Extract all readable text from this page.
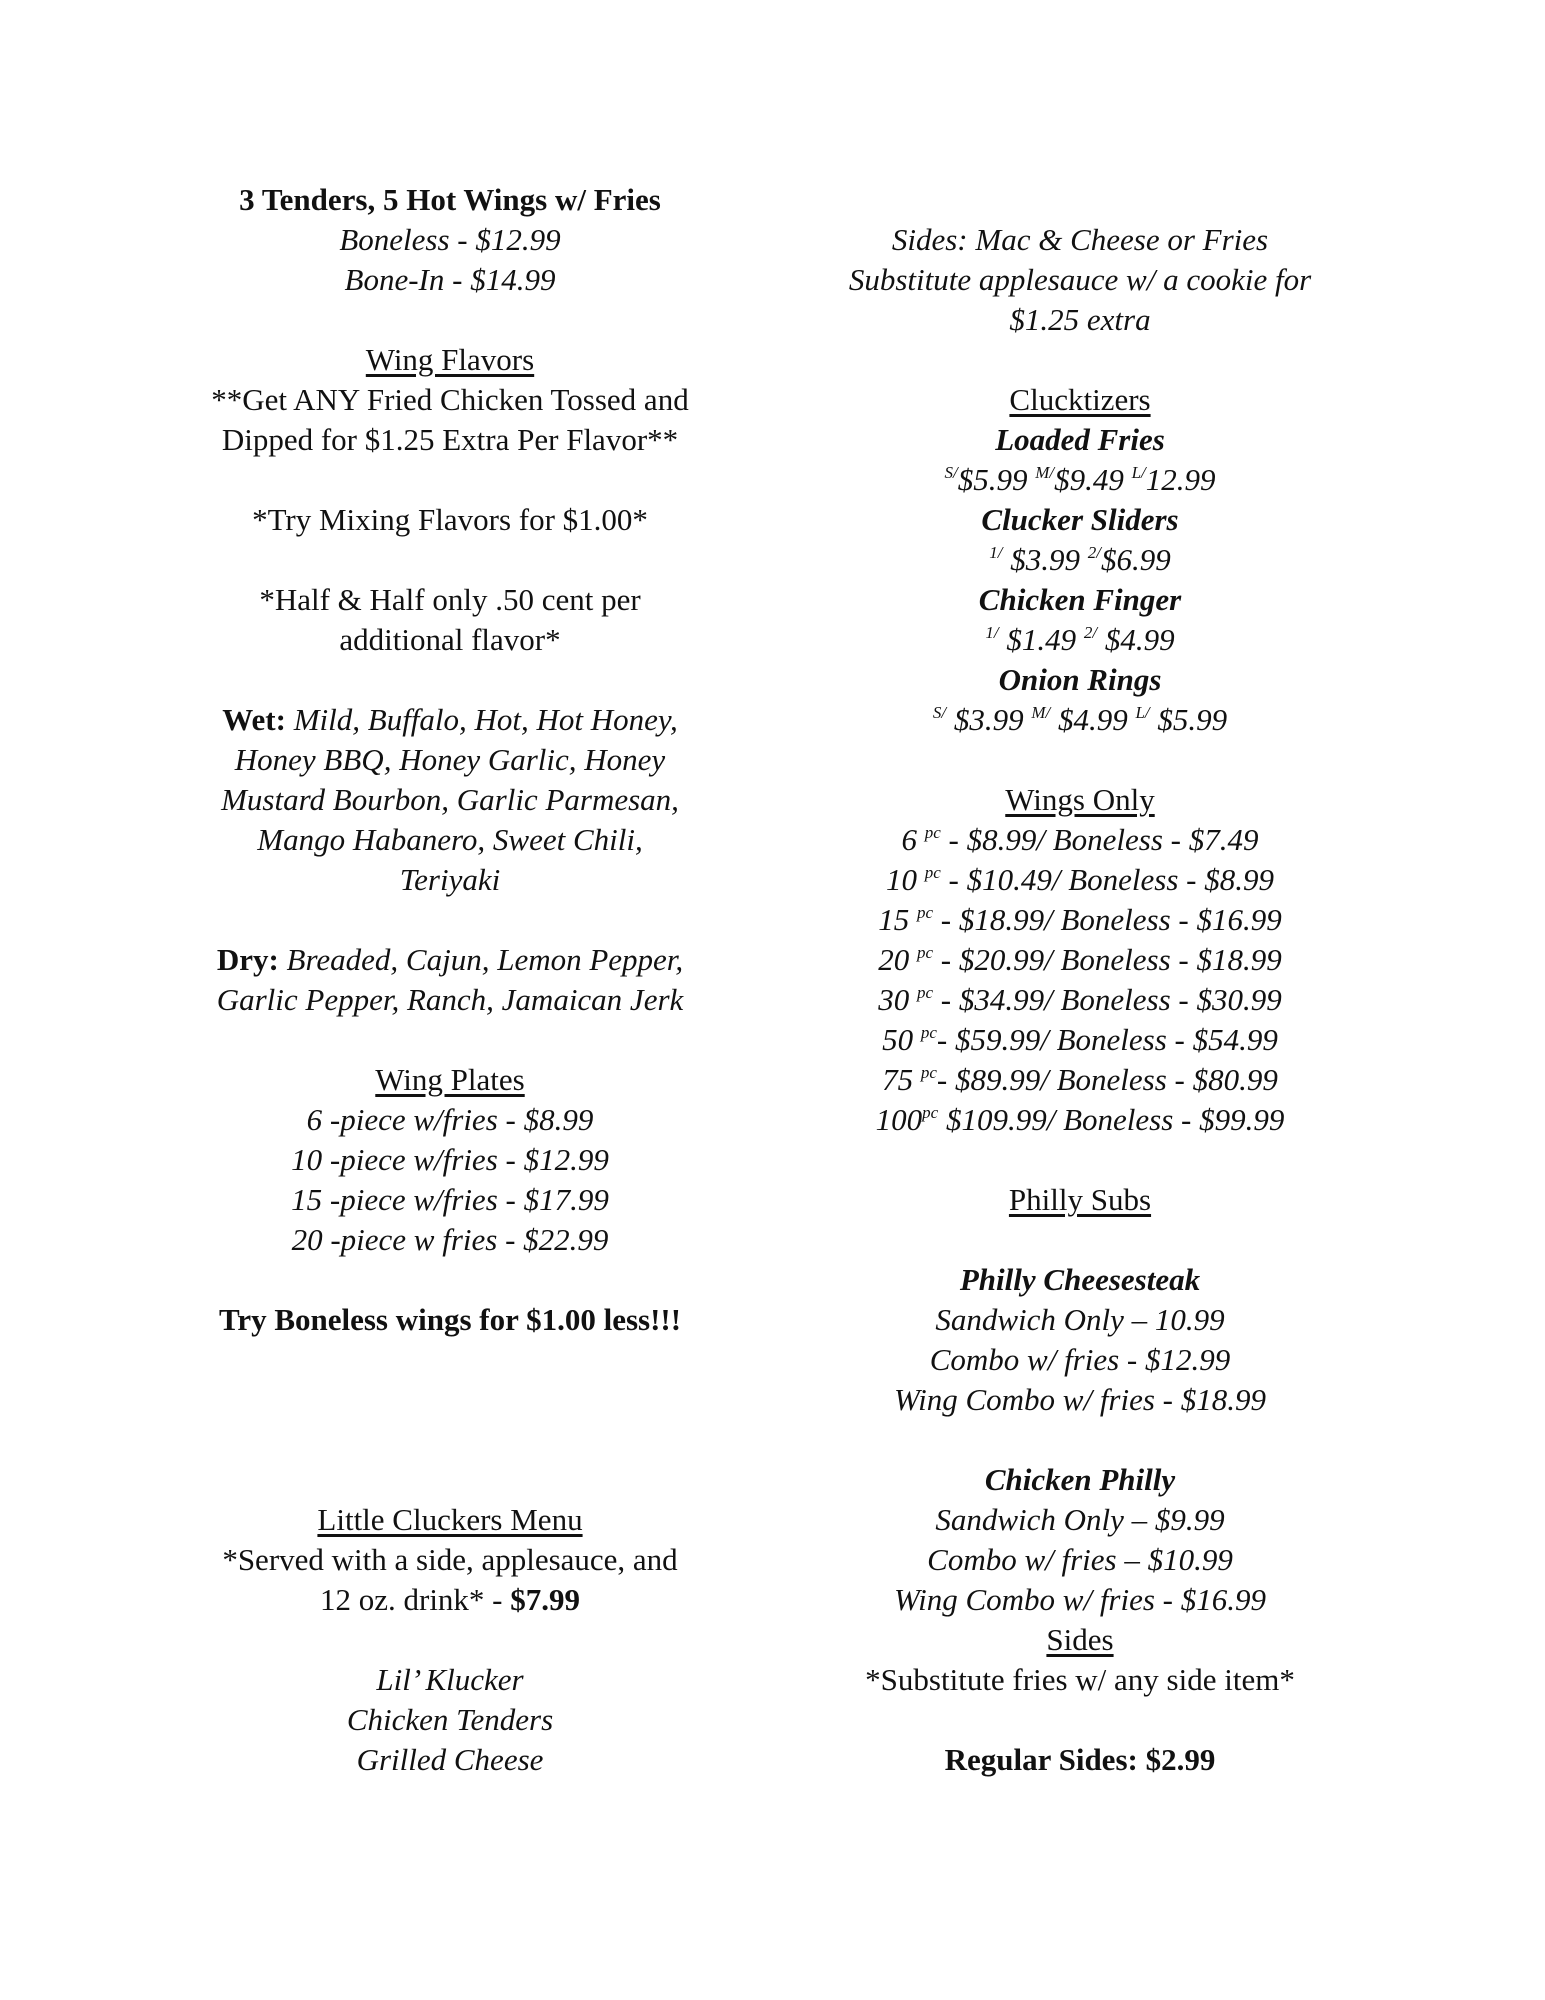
3 Tenders, 5 Hot Wings w/ Fries
Boneless - $12.99
Bone-In - $14.99
Wing Flavors
**Get ANY Fried Chicken Tossed and
Dipped for $1.25 Extra Per Flavor**
*Try Mixing Flavors for $1.00*
*Half & Half only .50 cent per
additional flavor*
Wet: Mild, Buffalo, Hot, Hot Honey,
Honey BBQ, Honey Garlic, Honey
Mustard Bourbon, Garlic Parmesan,
Mango Habanero, Sweet Chili,
Teriyaki
Dry: Breaded, Cajun, Lemon Pepper,
Garlic Pepper, Ranch, Jamaican Jerk
Wing Plates
6 -piece w/fries - $8.99
10 -piece w/fries - $12.99
15 -piece w/fries - $17.99
20 -piece w fries - $22.99
Try Boneless wings for $1.00 less!!!
Little Cluckers Menu
*Served with a side, applesauce, and
12 oz. drink* - $7.99
Lil’ Klucker
Chicken Tenders
Grilled Cheese
Sides: Mac & Cheese or Fries
Substitute applesauce w/ a cookie for
$1.25 extra
Clucktizers
Loaded Fries
$^{S/}$\$5.99 $^{M/}$\$9.49 $^{L/}$12.99
Clucker Sliders
$^{1/}$ $3.99 $^{2/}$\$6.99
Chicken Finger
$^{1/}$ $1.49 $^{2/}$ $4.99
Onion Rings
$^{S/}$ $3.99 $^{M/}$ $4.99 $^{L/}$ $5.99
Wings Only
6 $^{pc}$ - $8.99/ Boneless - $7.49
10 $^{pc}$ - $10.49/ Boneless - $8.99
15 $^{pc}$ - $18.99/ Boneless - $16.99
20 $^{pc}$ - $20.99/ Boneless - $18.99
30 $^{pc}$ - $34.99/ Boneless - $30.99
50 $^{pc}$- $59.99/ Boneless - $54.99
75 $^{pc}$- $89.99/ Boneless - $80.99
$100^{pc}$ $109.99/ Boneless - $99.99
Philly Subs
Philly Cheesesteak
Sandwich Only – 10.99
Combo w/ fries - $12.99
Wing Combo w/ fries - $18.99
Chicken Philly
Sandwich Only – $9.99
Combo w/ fries – $10.99
Wing Combo w/ fries - $16.99
Sides
*Substitute fries w/ any side item*
Regular Sides: $2.99
